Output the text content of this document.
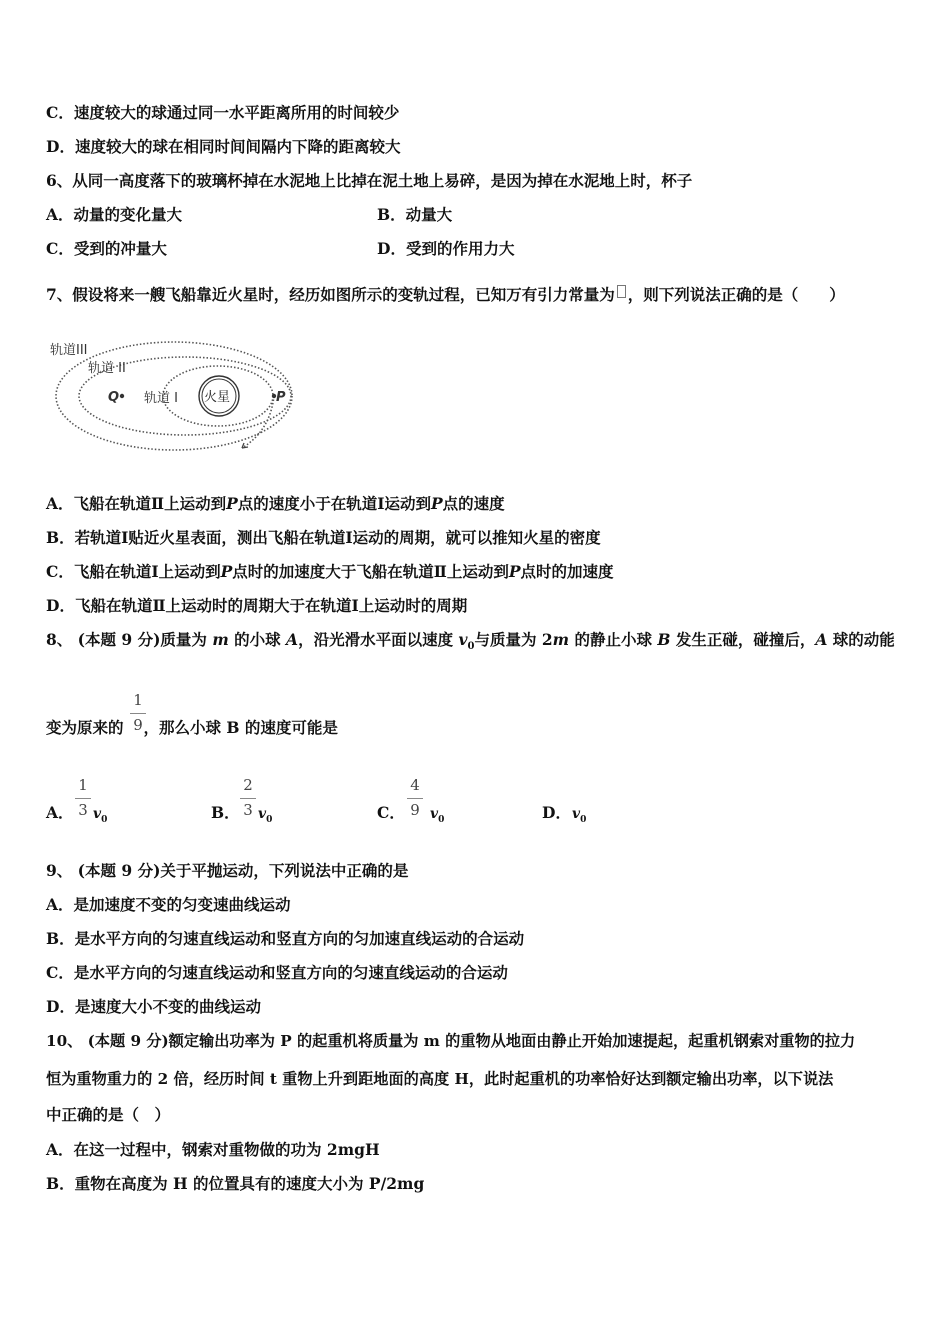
C．速度较大的球通过同一水平距离所用的时间较少
D．速度较大的球在相同时间间隔内下降的距离较大
6、从同一高度落下的玻璃杯掉在水泥地上比掉在泥土地上易碎，是因为掉在水泥地上时，杯子
A．动量的变化量大	B．动量大
C．受到的冲量大	D．受到的作用力大
7、假设将来一艘飞船靠近火星时，经历如图所示的变轨过程，已知万有引力常量为 ，则下列说法正确的是（　　）
轨道III
轨道 II
轨道 I 火星
Q	P
A．飞船在轨道Ⅱ上运动到P点的速度小于在轨道Ⅰ运动到P点的速度
B．若轨道Ⅰ贴近火星表面，测出飞船在轨道Ⅰ运动的周期，就可以推知火星的密度
C．飞船在轨道Ⅰ上运动到P点时的加速度大于飞船在轨道Ⅱ上运动到P点时的加速度
D．飞船在轨道Ⅱ上运动时的周期大于在轨道Ⅰ上运动时的周期
8、 (本题 9 分)质量为 m 的小球 A，沿光滑水平面以速度 $v_0$与质量为 2m 的静止小球 B 发生正碰，碰撞后，A 球的动能
变为原来的 ，那么小球 B 的速度可能是
1
9
A．
1
3 $v_0$	B．
2
3 $v_0$	C．
4
9 $v_0$	D． $v_0$
9、 (本题 9 分)关于平抛运动，下列说法中正确的是
A．是加速度不变的匀变速曲线运动
B．是水平方向的匀速直线运动和竖直方向的匀加速直线运动的合运动
C．是水平方向的匀速直线运动和竖直方向的匀速直线运动的合运动
D．是速度大小不变的曲线运动
10、 (本题 9 分)额定输出功率为 P 的起重机将质量为 m 的重物从地面由静止开始加速提起，起重机钢索对重物的拉力
恒为重物重力的 2 倍，经历时间 t 重物上升到距地面的高度 H，此时起重机的功率恰好达到额定输出功率，以下说法
中正确的是（　）
A．在这一过程中，钢索对重物做的功为 2mgH
B．重物在高度为 H 的位置具有的速度大小为 P/2mg
